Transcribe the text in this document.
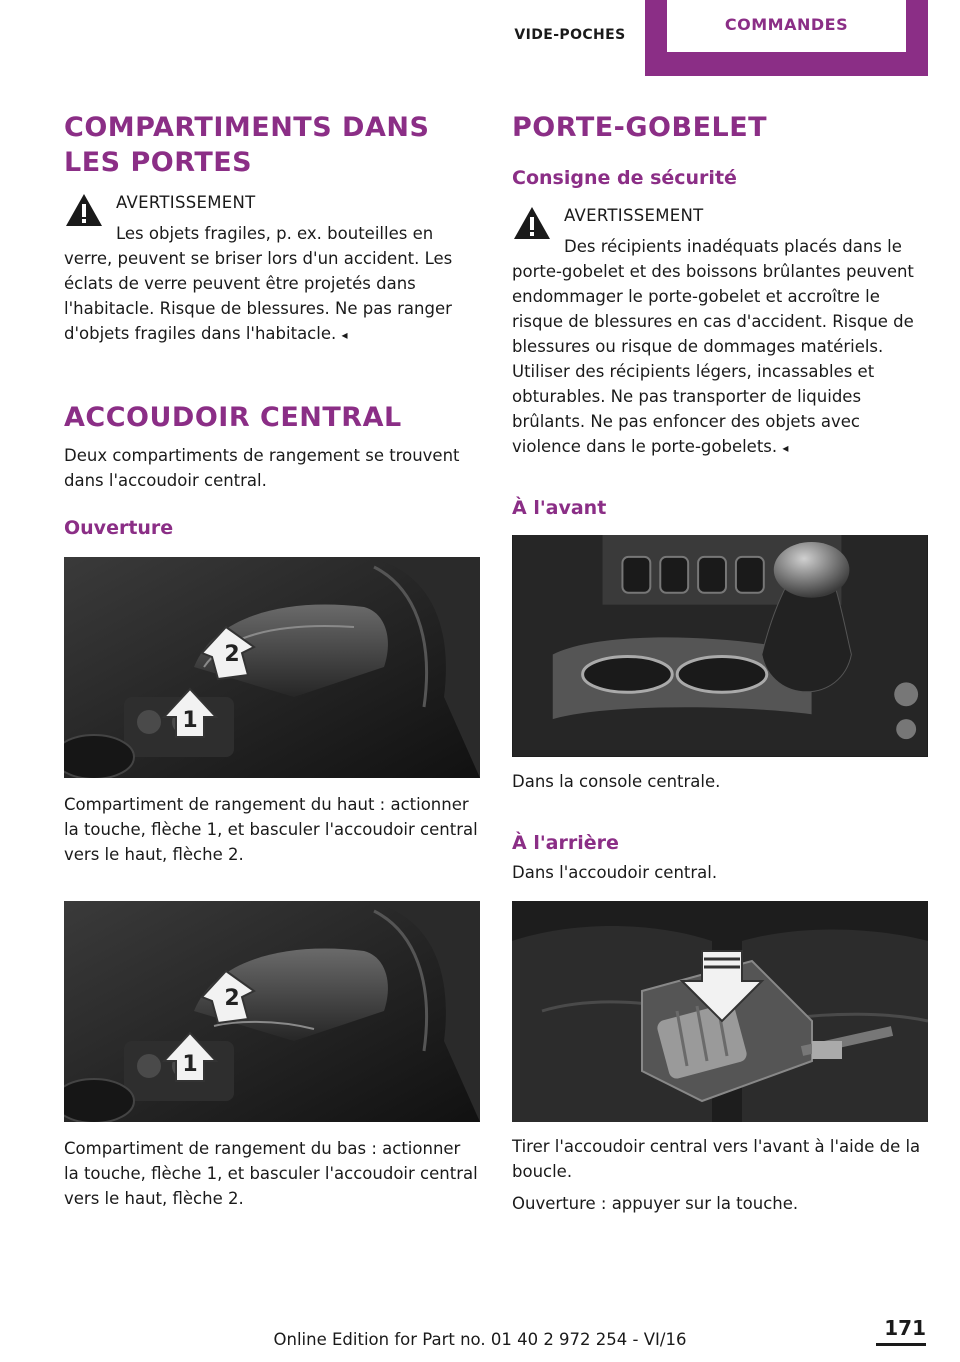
VIDE-POCHES
COMMANDES
COMPARTIMENTS DANS LES PORTES
AVERTISSEMENT

Les objets fragiles, p. ex. bouteilles en verre, peuvent se briser lors d'un accident. Les éclats de verre peuvent être projetés dans l'habitacle. Risque de blessures. Ne pas ranger d'objets fragiles dans l'habitacle. ◂

ACCOUDOIR CENTRAL

Deux compartiments de rangement se trouvent dans l'accoudoir central.

Ouverture
1
2

Compartiment de rangement du haut : actionner la touche, flèche 1, et basculer l'accoudoir central vers le haut, flèche 2.

1
2

Compartiment de rangement du bas : actionner la touche, flèche 1, et basculer l'accoudoir central vers le haut, flèche 2.

PORTE-GOBELET
Consigne de sécurité
AVERTISSEMENT

Des récipients inadéquats placés dans le porte-gobelet et des boissons brûlantes peuvent endommager le porte-gobelet et accroître le risque de blessures en cas d'accident. Risque de blessures ou risque de dommages matériels. Utiliser des récipients légers, incassables et obturables. Ne pas transporter de liquides brûlants. Ne pas enfoncer des objets avec violence dans le porte-gobelets. ◂

À l'avant

Dans la console centrale.

À l'arrière

Dans l'accoudoir central.

Tirer l'accoudoir central vers l'avant à l'aide de la boucle.

Ouverture : appuyer sur la touche.

171
Online Edition for Part no. 01 40 2 972 254 - VI/16
